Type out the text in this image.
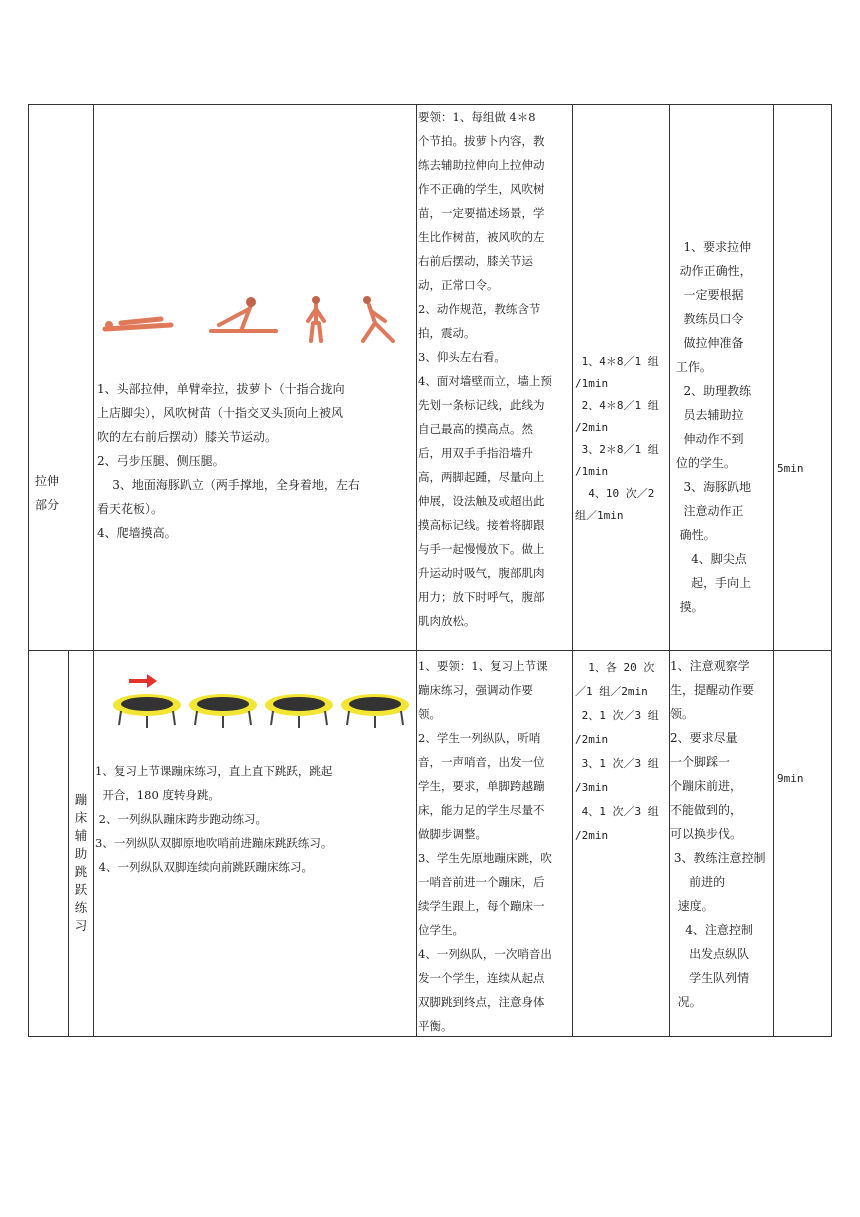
拉伸
部分
1、头部拉伸，单臂牵拉，拔萝卜（十指合拢向
上店脚尖），风吹树苗（十指交叉头顶向上被风
吹的左右前后摆动）膝关节运动。
2、弓步压腿、侧压腿。
3、地面海豚趴立（两手撑地，全身着地，左右
看天花板）。
4、爬墙摸高。
要领：1、每组做 4＊8
个节拍。拔萝卜内容，教
练去辅助拉伸向上拉伸动
作不正确的学生，风吹树
苗，一定要描述场景，学
生比作树苗，被风吹的左
右前后摆动，膝关节运
动，正常口令。
2、动作规范，教练含节
拍，震动。
3、仰头左右看。
4、面对墙壁而立，墙上预
先划一条标记线，此线为
自己最高的摸高点。然
后，用双手手指沿墙升
高，两脚起踵，尽量向上
伸展，设法触及或超出此
摸高标记线。接着将脚跟
与手一起慢慢放下。做上
升运动时吸气，腹部肌肉
用力；放下时呼气，腹部
肌肉放松。
1、4＊8／1 组
/1min
2、4＊8／1 组
/2min
3、2＊8／1 组
/1min
4、10 次／2
组／1min
1、要求拉伸
动作正确性，
一定要根据
教练员口令
做拉伸准备
工作。
2、助理教练
员去辅助拉
伸动作不到
位的学生。
3、海豚趴地
注意动作正
确性。
4、脚尖点
起，手向上
摸。
5min
蹦床辅助跳跃练习
1、复习上节课蹦床练习，直上直下跳跃，跳起
开合，180 度转身跳。
2、一列纵队蹦床跨步跑动练习。
3、一列纵队双脚原地吹哨前进蹦床跳跃练习。
4、一列纵队双脚连续向前跳跃蹦床练习。
1、要领：1、复习上节课
蹦床练习，强调动作要
领。
2、学生一列纵队，听哨
音，一声哨音，出发一位
学生，要求，单脚跨越蹦
床，能力足的学生尽量不
做脚步调整。
3、学生先原地蹦床跳，吹
一哨音前进一个蹦床，后
续学生跟上，每个蹦床一
位学生。
4、一列纵队，一次哨音出
发一个学生，连续从起点
双脚跳到终点，注意身体
平衡。
1、各 20 次
／1 组／2min
2、1 次／3 组
/2min
3、1 次／3 组
/3min
4、1 次／3 组
/2min
1、注意观察学
生，提醒动作要
领。
2、要求尽量
一个脚踩一
个蹦床前进，
不能做到的，
可以换步伐。
3、教练注意控制
前进的
速度。
4、注意控制
出发点纵队
学生队列情
况。
9min
